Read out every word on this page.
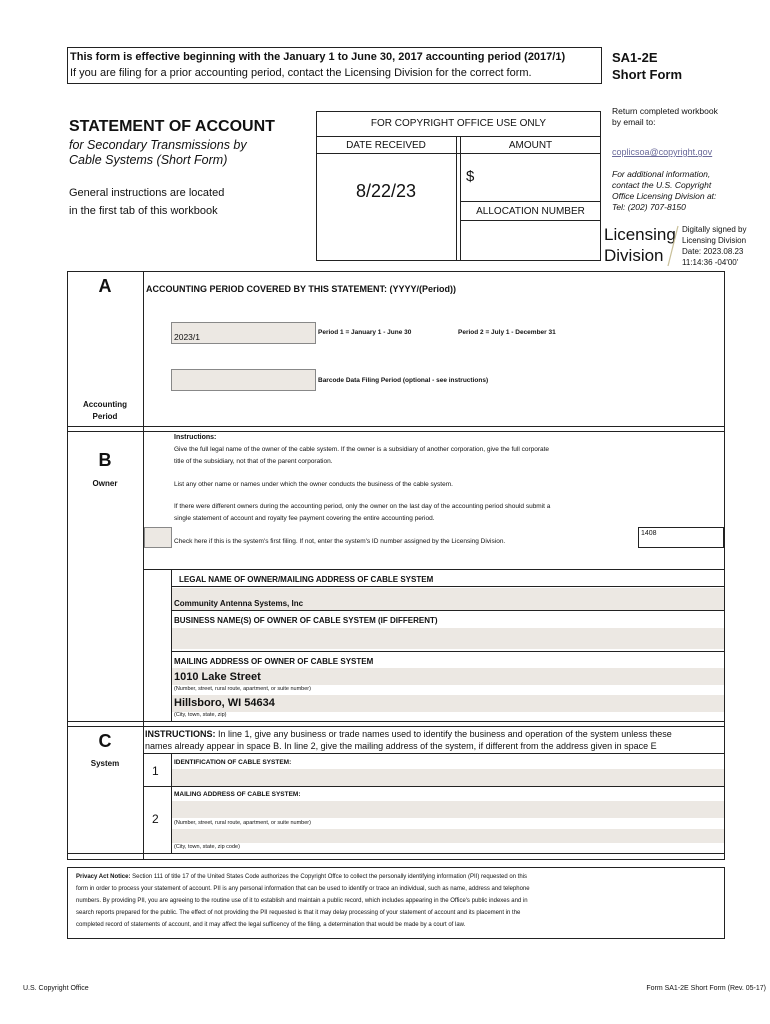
This form is effective beginning with the January 1 to June 30, 2017 accounting period (2017/1)
If you are filing for a prior accounting period, contact the Licensing Division for the correct form.
SA1-2E
Short Form
STATEMENT OF ACCOUNT
for Secondary Transmissions by
Cable Systems (Short Form)
General instructions are located
in the first tab of this workbook
FOR COPYRIGHT OFFICE USE ONLY
DATE RECEIVED	AMOUNT
8/22/23
$
ALLOCATION NUMBER
Return completed workbook
by email to:
coplicsoa@copyright.gov
For additional information,
contact the U.S. Copyright
Office Licensing Division at:
Tel: (202) 707-8150
Licensing
Division
Digitally signed by
Licensing Division
Date: 2023.08.23
11:14:36 -04'00'
A
Accounting
Period
ACCOUNTING PERIOD COVERED BY THIS STATEMENT: (YYYY/(Period))
2023/1	Period 1 = January 1 - June 30	Period 2 = July 1 - December 31
Barcode Data Filing Period (optional - see instructions)
B
Owner
Instructions:
Give the full legal name of the owner of the cable system. If the owner is a subsidiary of another corporation, give the full corporate
title of the subsidiary, not that of the parent corporation.
List any other name or names under which the owner conducts the business of the cable system.
If there were different owners during the accounting period, only the owner on the last day of the accounting period should submit a
single statement of account and royalty fee payment covering the entire accounting period.
Check here if this is the system's first filing. If not, enter the system's ID number assigned by the Licensing Division.
1408
LEGAL NAME OF OWNER/MAILING ADDRESS OF CABLE SYSTEM
Community Antenna Systems, Inc
BUSINESS NAME(S) OF OWNER OF CABLE SYSTEM (IF DIFFERENT)
MAILING ADDRESS OF OWNER OF CABLE SYSTEM
1010 Lake Street
(Number, street, rural route, apartment, or suite number)
Hillsboro, WI 54634
(City, town, state, zip)
C
System
INSTRUCTIONS: In line 1, give any business or trade names used to identify the business and operation of the system unless these
names already appear in space B. In line 2, give the mailing address of the system, if different from the address given in space E
1
IDENTIFICATION OF CABLE SYSTEM:
2
MAILING ADDRESS OF CABLE SYSTEM:
(Number, street, rural route, apartment, or suite number)
(City, town, state, zip code)
Privacy Act Notice: Section 111 of title 17 of the United States Code authorizes the Copyright Offce to collect the personally identifying information (PII) requested on this
form in order to process your statement of account. PII is any personal information that can be used to identify or trace an individual, such as name, address and telephone
numbers. By providing PII, you are agreeing to the routine use of it to establish and maintain a public record, which includes appearing in the Office's public indexes and in
search reports prepared for the public. The effect of not providing the PII requested is that it may delay processing of your statement of account and its placement in the
completed record of statements of account, and it may affect the legal sufficency of the filing, a determination that would be made by a court of law.
U.S. Copyright Office	Form SA1-2E Short Form (Rev. 05-17)
